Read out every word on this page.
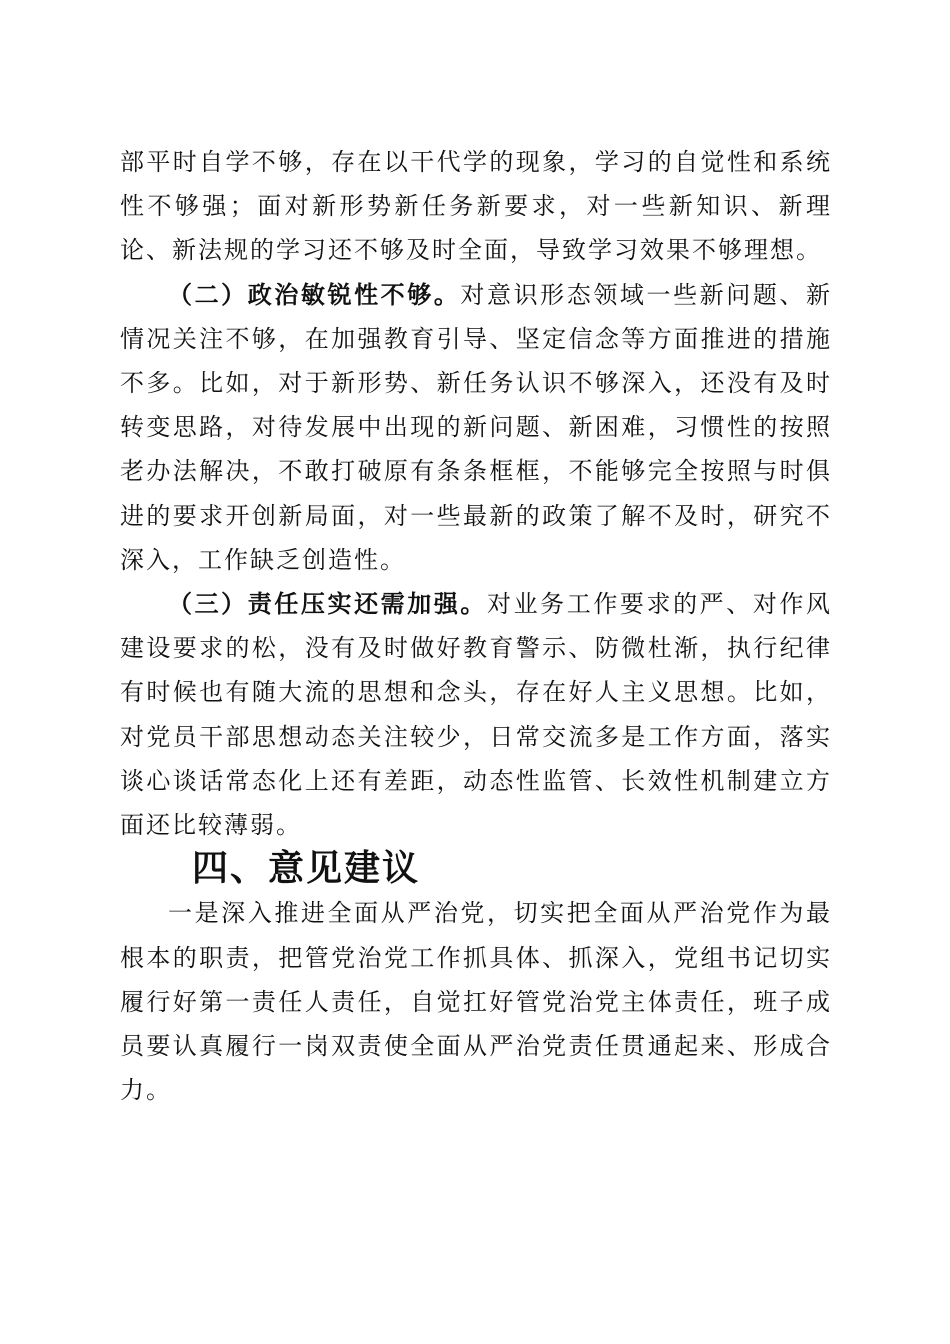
部平时自学不够，存在以干代学的现象，学习的自觉性和系统性不够强；面对新形势新任务新要求，对一些新知识、新理论、新法规的学习还不够及时全面，导致学习效果不够理想。

（二）政治敏锐性不够。对意识形态领域一些新问题、新情况关注不够，在加强教育引导、坚定信念等方面推进的措施不多。比如，对于新形势、新任务认识不够深入，还没有及时转变思路，对待发展中出现的新问题、新困难，习惯性的按照老办法解决，不敢打破原有条条框框，不能够完全按照与时俱进的要求开创新局面，对一些最新的政策了解不及时，研究不深入，工作缺乏创造性。

（三）责任压实还需加强。对业务工作要求的严、对作风建设要求的松，没有及时做好教育警示、防微杜渐，执行纪律有时候也有随大流的思想和念头，存在好人主义思想。比如，对党员干部思想动态关注较少，日常交流多是工作方面，落实谈心谈话常态化上还有差距，动态性监管、长效性机制建立方面还比较薄弱。

四、意见建议

一是深入推进全面从严治党，切实把全面从严治党作为最根本的职责，把管党治党工作抓具体、抓深入，党组书记切实履行好第一责任人责任，自觉扛好管党治党主体责任，班子成员要认真履行一岗双责使全面从严治党责任贯通起来、形成合力。
